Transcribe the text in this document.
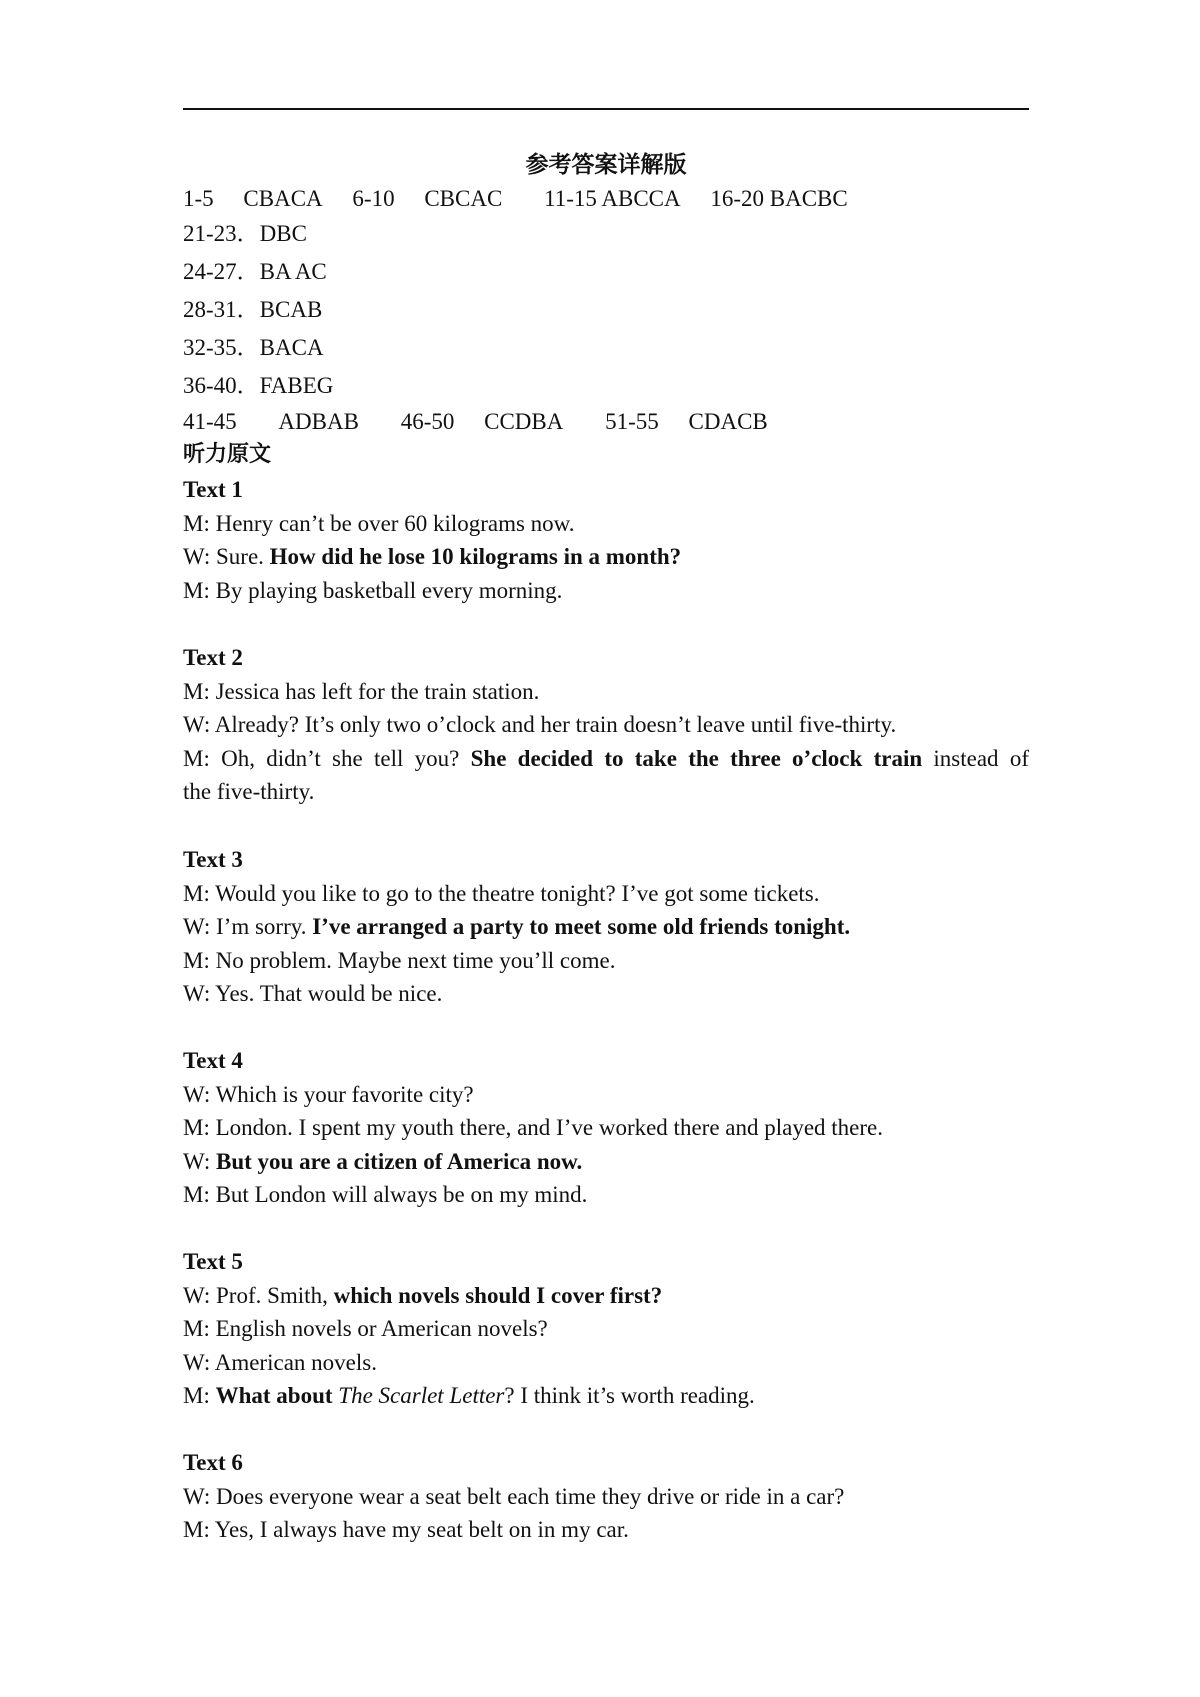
参考答案详解版
1-5 CBACA 6-10 CBCAC 11-15 ABCCA 16-20 BACBC
21-23．DBC
24-27．BA AC
28-31．BCAB
32-35．BACA
36-40．FABEG
41-45 ADBAB 46-50 CCDBA 51-55 CDACB
听力原文
Text 1
M: Henry can’t be over 60 kilograms now.
W: Sure. How did he lose 10 kilograms in a month?
M: By playing basketball every morning.
Text 2
M: Jessica has left for the train station.
W: Already? It’s only two o’clock and her train doesn’t leave until five-thirty.
M: Oh, didn’t she tell you? She decided to take the three o’clock train instead of
the five-thirty.
Text 3
M: Would you like to go to the theatre tonight? I’ve got some tickets.
W: I’m sorry. I’ve arranged a party to meet some old friends tonight.
M: No problem. Maybe next time you’ll come.
W: Yes. That would be nice.
Text 4
W: Which is your favorite city?
M: London. I spent my youth there, and I’ve worked there and played there.
W: But you are a citizen of America now.
M: But London will always be on my mind.
Text 5
W: Prof. Smith, which novels should I cover first?
M: English novels or American novels?
W: American novels.
M: What about The Scarlet Letter? I think it’s worth reading.
Text 6
W: Does everyone wear a seat belt each time they drive or ride in a car?
M: Yes, I always have my seat belt on in my car.
